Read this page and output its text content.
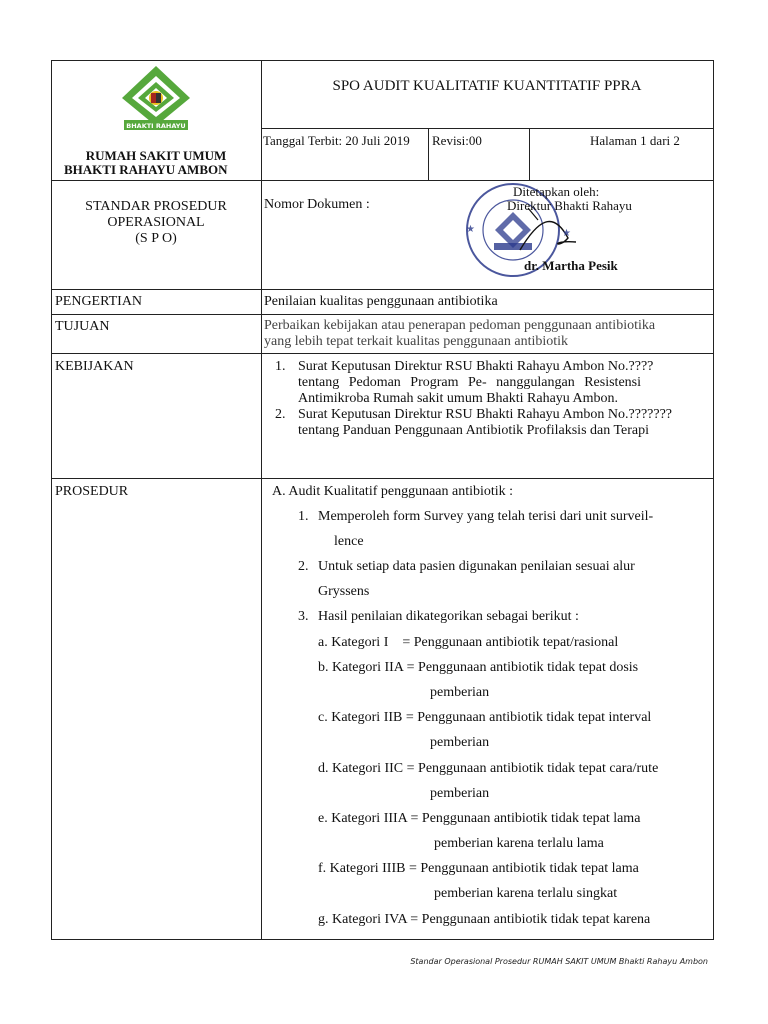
BHAKTI RAHAYU
RUMAH SAKIT UMUM
BHAKTI RAHAYU AMBON
SPO AUDIT KUALITATIF KUANTITATIF PPRA
Tanggal Terbit: 20 Juli 2019 Revisi:00	Halaman 1 dari 2
STANDAR PROSEDUR
OPERASIONAL
(S P O)
Nomor Dokumen :
★
★
Ditetapkan oleh:
Direktur Bhakti Rahayu
dr. Martha Pesik
PENGERTIAN	Penilaian kualitas penggunaan antibiotika
TUJUAN	Perbaikan kebijakan atau penerapan pedoman penggunaan antibiotika
yang lebih tepat terkait kualitas penggunaan antibiotik
KEBIJAKAN	1. Surat Keputusan Direktur RSU Bhakti Rahayu Ambon No.????
tentang Pedoman Program Pe- nanggulangan Resistensi
Antimikroba Rumah sakit umum Bhakti Rahayu Ambon.
2. Surat Keputusan Direktur RSU Bhakti Rahayu Ambon No.???????
tentang Panduan Penggunaan Antibiotik Profilaksis dan Terapi
PROSEDUR	A. Audit Kualitatif penggunaan antibiotik :
1. Memperoleh form Survey yang telah terisi dari unit surveil-
lence
2. Untuk setiap data pasien digunakan penilaian sesuai alur
Gryssens
3. Hasil penilaian dikategorikan sebagai berikut :
a. Kategori I    = Penggunaan antibiotik tepat/rasional
b. Kategori IIA = Penggunaan antibiotik tidak tepat dosis
pemberian
c. Kategori IIB = Penggunaan antibiotik tidak tepat interval
pemberian
d. Kategori IIC = Penggunaan antibiotik tidak tepat cara/rute
pemberian
e. Kategori IIIA = Penggunaan antibiotik tidak tepat lama
pemberian karena terlalu lama
f. Kategori IIIB = Penggunaan antibiotik tidak tepat lama
pemberian karena terlalu singkat
g. Kategori IVA = Penggunaan antibiotik tidak tepat karena
Standar Operasional Prosedur RUMAH SAKIT UMUM Bhakti Rahayu Ambon
